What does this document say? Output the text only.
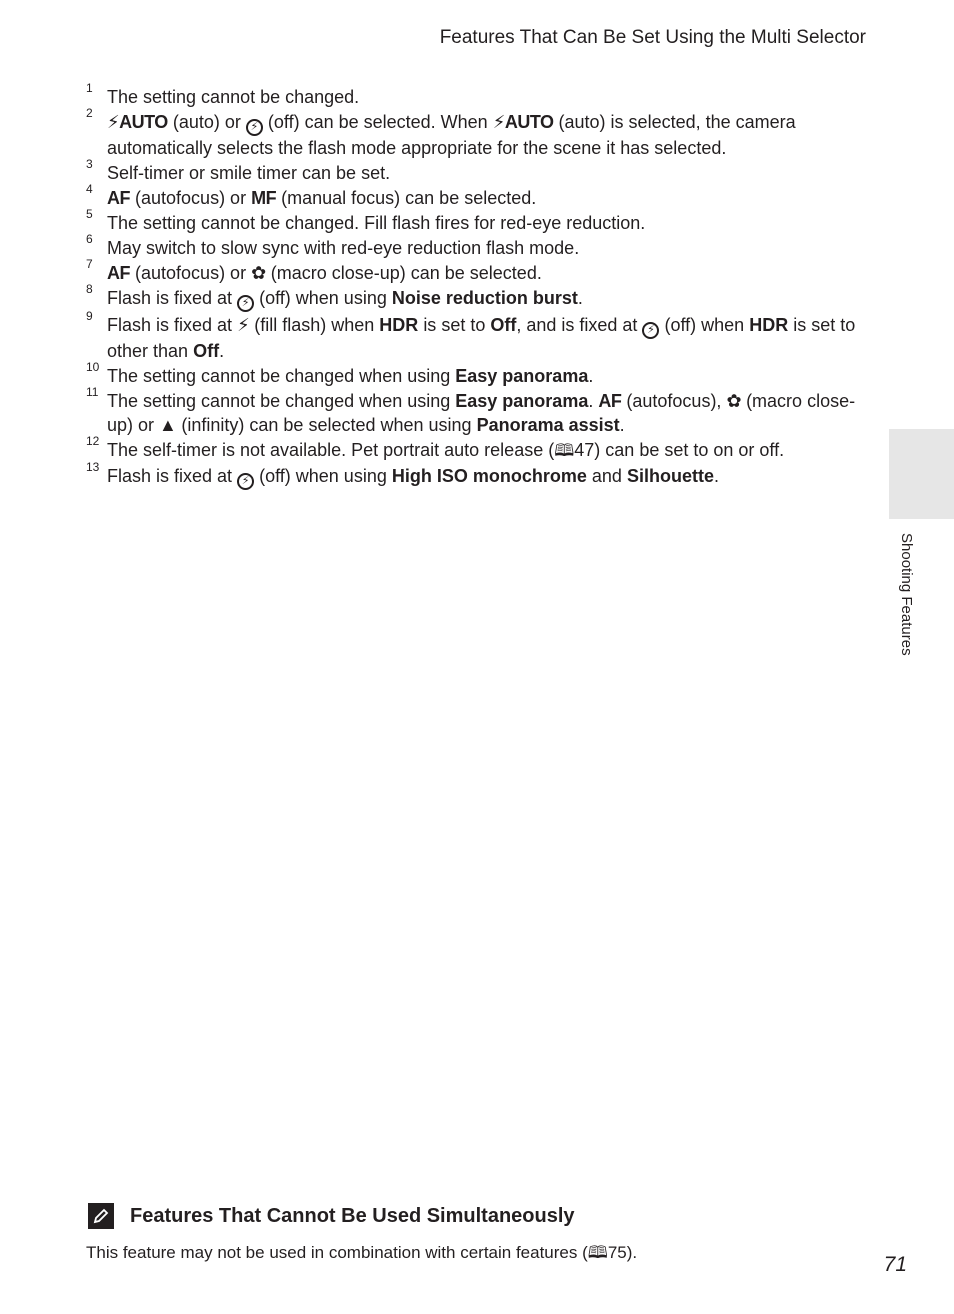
Features That Can Be Set Using the Multi Selector
Shooting Features
1 The setting cannot be changed.
2 ⚡AUTO (auto) or ⚡ (off) can be selected. When ⚡AUTO (auto) is selected, the camera automatically selects the flash mode appropriate for the scene it has selected.
3 Self-timer or smile timer can be set.
4 AF (autofocus) or MF (manual focus) can be selected.
5 The setting cannot be changed. Fill flash fires for red-eye reduction.
6 May switch to slow sync with red-eye reduction flash mode.
7 AF (autofocus) or ✿ (macro close-up) can be selected.
8 Flash is fixed at ⚡ (off) when using Noise reduction burst.
9 Flash is fixed at ⚡ (fill flash) when HDR is set to Off, and is fixed at ⚡ (off) when HDR is set to other than Off.
10 The setting cannot be changed when using Easy panorama.
11 The setting cannot be changed when using Easy panorama. AF (autofocus), ✿ (macro close-up) or ▲ (infinity) can be selected when using Panorama assist.
12 The self-timer is not available. Pet portrait auto release (🕮47) can be set to on or off.
13 Flash is fixed at ⚡ (off) when using High ISO monochrome and Silhouette.
Features That Cannot Be Used Simultaneously
This feature may not be used in combination with certain features (🕮75).
71
